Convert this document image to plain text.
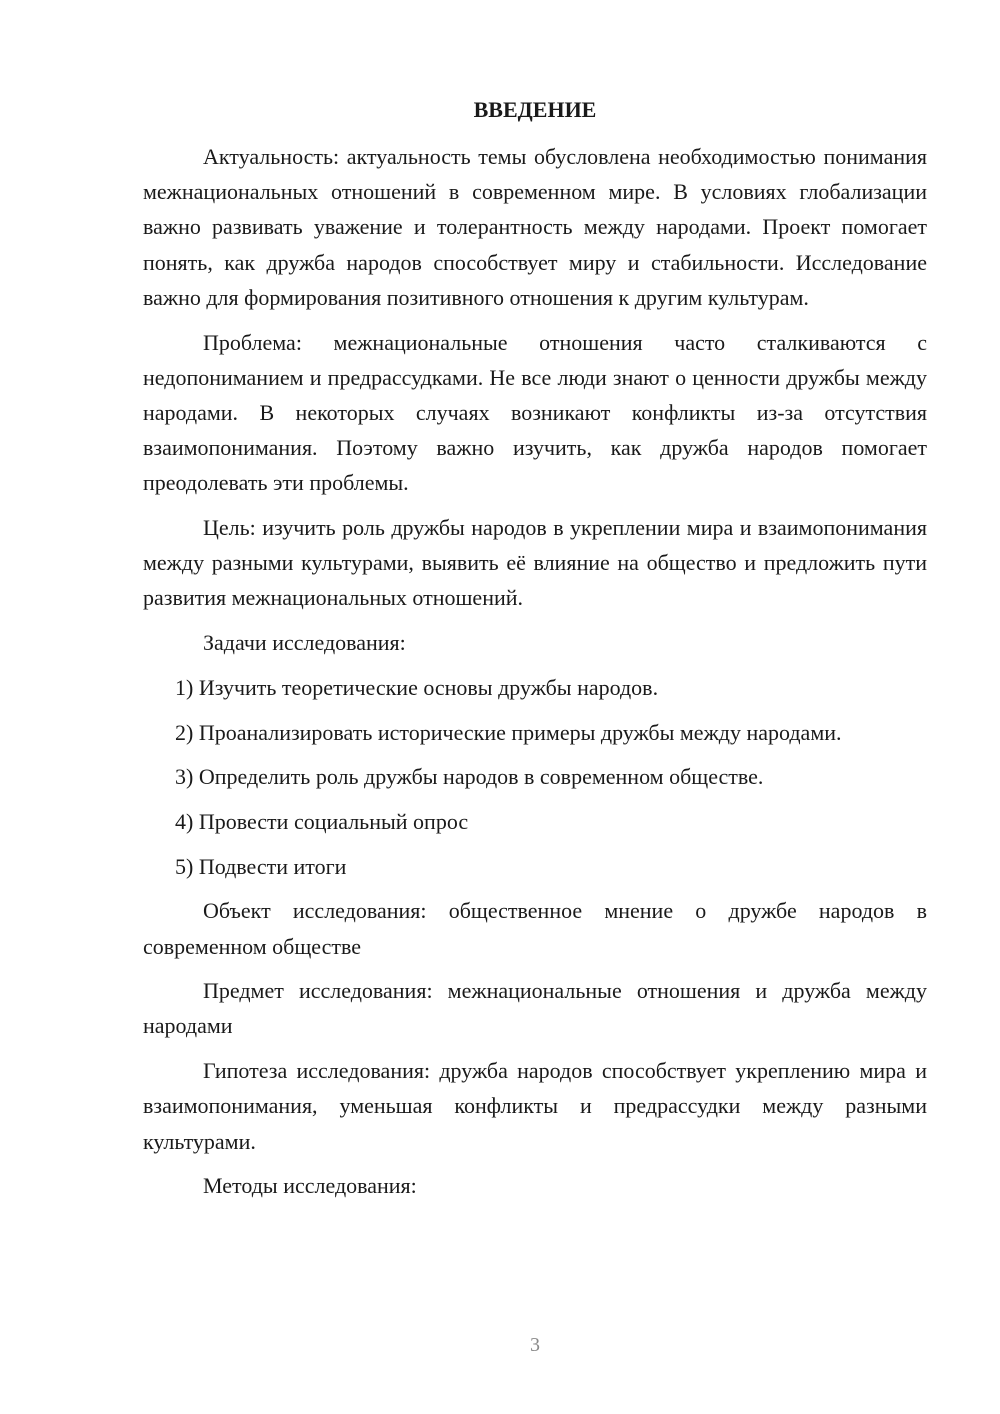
ВВЕДЕНИЕ

Актуальность: актуальность темы обусловлена необходимостью понимания межнациональных отношений в современном мире. В условиях глобализации важно развивать уважение и толерантность между народами. Проект помогает понять, как дружба народов способствует миру и стабильности. Исследование важно для формирования позитивного отношения к другим культурам.

Проблема: межнациональные отношения часто сталкиваются с недопониманием и предрассудками. Не все люди знают о ценности дружбы между народами. В некоторых случаях возникают конфликты из-за отсутствия взаимопонимания. Поэтому важно изучить, как дружба народов помогает преодолевать эти проблемы.

Цель: изучить роль дружбы народов в укреплении мира и взаимопонимания между разными культурами, выявить её влияние на общество и предложить пути развития межнациональных отношений.

Задачи исследования:

1) Изучить теоретические основы дружбы народов.

2) Проанализировать исторические примеры дружбы между народами.

3) Определить роль дружбы народов в современном обществе.

4) Провести социальный опрос

5) Подвести итоги

Объект исследования: общественное мнение о дружбе народов в современном обществе

Предмет исследования: межнациональные отношения и дружба между народами

Гипотеза исследования: дружба народов способствует укреплению мира и взаимопонимания, уменьшая конфликты и предрассудки между разными культурами.

Методы исследования:

3
